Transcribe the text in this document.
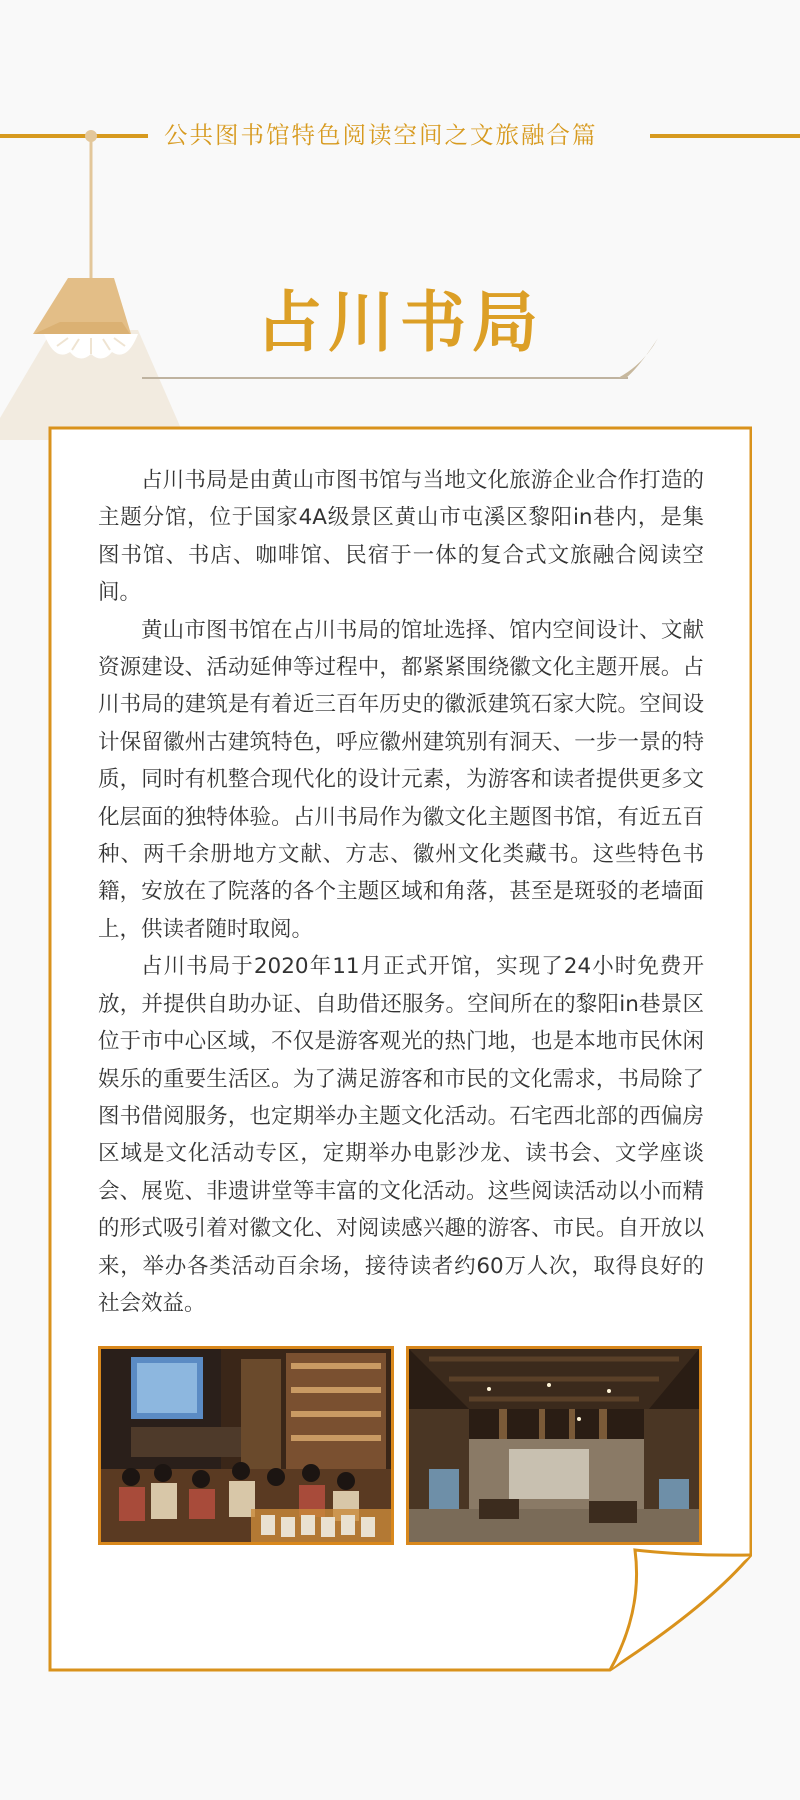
公共图书馆特色阅读空间之文旅融合篇
占川书局

占川书局是由黄山市图书馆与当地文化旅游企业合作打造的主题分馆，位于国家4A级景区黄山市屯溪区黎阳in巷内，是集图书馆、书店、咖啡馆、民宿于一体的复合式文旅融合阅读空间。

黄山市图书馆在占川书局的馆址选择、馆内空间设计、文献资源建设、活动延伸等过程中，都紧紧围绕徽文化主题开展。占川书局的建筑是有着近三百年历史的徽派建筑石家大院。空间设计保留徽州古建筑特色，呼应徽州建筑别有洞天、一步一景的特质，同时有机整合现代化的设计元素，为游客和读者提供更多文化层面的独特体验。占川书局作为徽文化主题图书馆，有近五百种、两千余册地方文献、方志、徽州文化类藏书。这些特色书籍，安放在了院落的各个主题区域和角落，甚至是斑驳的老墙面上，供读者随时取阅。

占川书局于2020年11月正式开馆，实现了24小时免费开放，并提供自助办证、自助借还服务。空间所在的黎阳in巷景区位于市中心区域，不仅是游客观光的热门地，也是本地市民休闲娱乐的重要生活区。为了满足游客和市民的文化需求，书局除了图书借阅服务，也定期举办主题文化活动。石宅西北部的西偏房区域是文化活动专区，定期举办电影沙龙、读书会、文学座谈会、展览、非遗讲堂等丰富的文化活动。这些阅读活动以小而精的形式吸引着对徽文化、对阅读感兴趣的游客、市民。自开放以来，举办各类活动百余场，接待读者约60万人次，取得良好的社会效益。
